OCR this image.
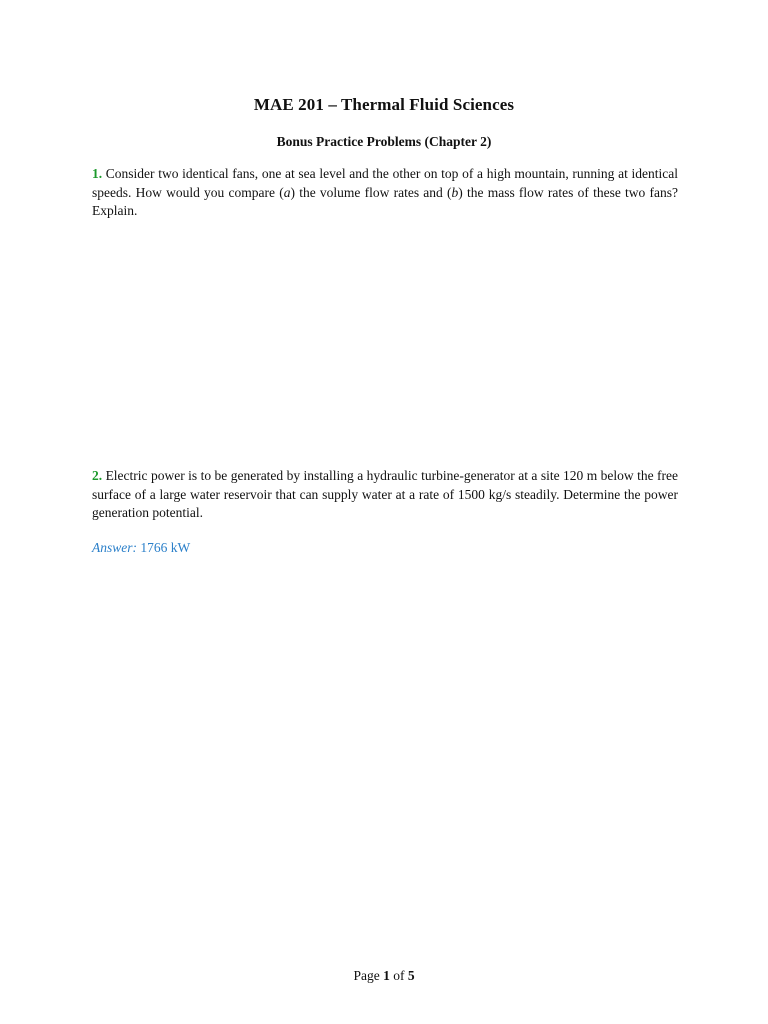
MAE 201 – Thermal Fluid Sciences
Bonus Practice Problems (Chapter 2)
1. Consider two identical fans, one at sea level and the other on top of a high mountain, running at identical speeds. How would you compare (a) the volume flow rates and (b) the mass flow rates of these two fans? Explain.
2. Electric power is to be generated by installing a hydraulic turbine-generator at a site 120 m below the free surface of a large water reservoir that can supply water at a rate of 1500 kg/s steadily. Determine the power generation potential.
Answer: 1766 kW
Page 1 of 5
